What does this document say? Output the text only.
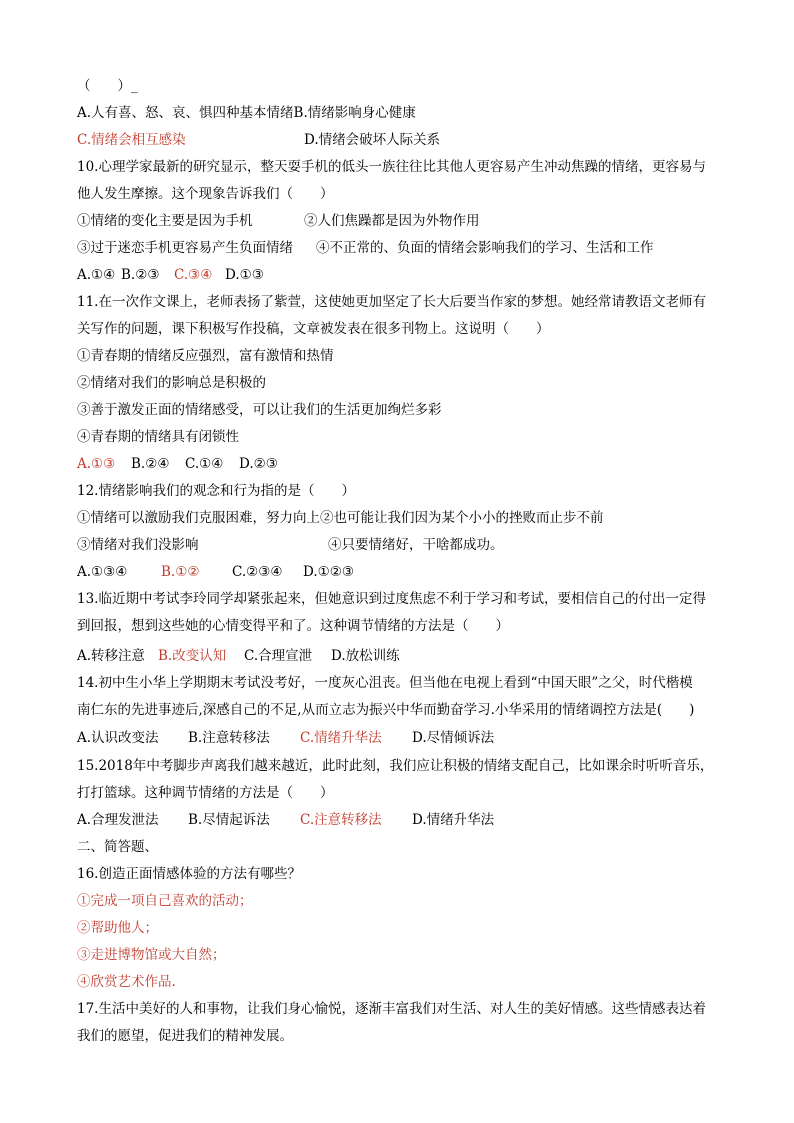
（　　）_
A.人有喜、怒、哀、惧四种基本情绪B.情绪影响身心健康
C.情绪会相互感染	D.情绪会破坏人际关系
10.心理学家最新的研究显示，整天耍手机的低头一族往往比其他人更容易产生冲动焦躁的情绪，更容易与
他人发生摩擦。这个现象告诉我们（　　）
①情绪的变化主要是因为手机	②人们焦躁都是因为外物作用
③过于迷恋手机更容易产生负面情绪 ④不正常的、负面的情绪会影响我们的学习、生活和工作
A.①④ B.②③ C.③④ D.①③
11.在一次作文课上，老师表扬了紫萱，这使她更加坚定了长大后要当作家的梦想。她经常请教语文老师有
关写作的问题，课下积极写作投稿，文章被发表在很多刊物上。这说明（　　）
①青春期的情绪反应强烈，富有激情和热情
②情绪对我们的影响总是积极的
③善于激发正面的情绪感受，可以让我们的生活更加绚烂多彩
④青春期的情绪具有闭锁性
A.①③ B.②④ C.①④ D.②③
12.情绪影响我们的观念和行为指的是（　　）
①情绪可以激励我们克服困难，努力向上②也可能让我们因为某个小小的挫败而止步不前
③情绪对我们没影响	④只要情绪好，干啥都成功。
A.①③④ B.①② C.②③④ D.①②③
13.临近期中考试李玲同学却紧张起来，但她意识到过度焦虑不利于学习和考试，要相信自己的付出一定得
到回报，想到这些她的心情变得平和了。这种调节情绪的方法是（　　）
A.转移注意 B.改变认知 C.合理宣泄 D.放松训练
14.初中生小华上学期期末考试没考好，一度灰心沮丧。但当他在电视上看到“中国天眼”之父，时代楷模
南仁东的先进事迹后,深感自己的不足,从而立志为振兴中华而勤奋学习.小华采用的情绪调控方法是(　　)
A.认识改变法 B.注意转移法 C.情绪升华法 D.尽情倾诉法
15.2018年中考脚步声离我们越来越近，此时此刻，我们应让积极的情绪支配自己，比如课余时听听音乐，
打打篮球。这种调节情绪的方法是（　　）
A.合理发泄法 B.尽情起诉法 C.注意转移法 D.情绪升华法
二、简答题、
16.创造正面情感体验的方法有哪些？
①完成一项自己喜欢的活动；
②帮助他人；
③走进博物馆或大自然；
④欣赏艺术作品.
17.生活中美好的人和事物，让我们身心愉悦，逐渐丰富我们对生活、对人生的美好情感。这些情感表达着
我们的愿望，促进我们的精神发展。
